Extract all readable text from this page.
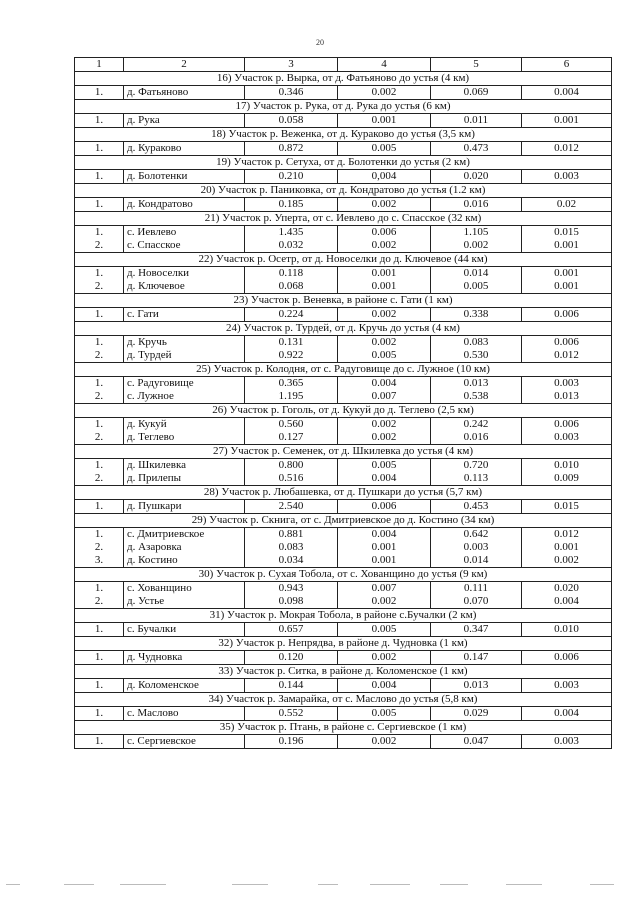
20
1	2	3	4	5	6
16) Участок р. Вырка, от д. Фатьяново до устья (4 км)					
1.	д. Фатьяново	0.346	0.002	0.069	0.004
17) Участок р. Рука, от д. Рука до устья (6 км)					
1.	д. Рука	0.058	0.001	0.011	0.001
18) Участок р. Веженка, от д. Кураково до устья (3,5 км)					
1.	д. Кураково	0.872	0.005	0.473	0.012
19) Участок р. Сетуха, от д. Болотенки до устья (2 км)					
1.	д. Болотенки	0.210	0,004	0.020	0.003
20) Участок р. Паниковка, от д. Кондратово до устья (1.2 км)					
1.	д. Кондратово	0.185	0.002	0.016	0.02
21) Участок р. Уперта, от с. Иевлево до с. Спасское (32 км)					
1.	с. Иевлево	1.435	0.006	1.105	0.015
2.	с. Спасское	0.032	0.002	0.002	0.001
22) Участок р. Осетр, от д. Новоселки до д. Ключевое (44 км)					
1.	д. Новоселки	0.118	0.001	0.014	0.001
2.	д. Ключевое	0.068	0.001	0.005	0.001
23) Участок р. Веневка, в районе с. Гати (1 км)					
1.	с. Гати	0.224	0.002	0.338	0.006
24) Участок р. Турдей, от д. Кручь до устья (4 км)					
1.	д. Кручь	0.131	0.002	0.083	0.006
2.	д. Турдей	0.922	0.005	0.530	0.012
25) Участок р. Колодня, от с. Радуговище до с. Лужное (10 км)					
1.	с. Радуговище	0.365	0.004	0.013	0.003
2.	с. Лужное	1.195	0.007	0.538	0.013
26) Участок р. Гоголь, от д. Кукуй до д. Теглево (2,5 км)					
1.	д. Кукуй	0.560	0.002	0.242	0.006
2.	д. Теглево	0.127	0.002	0.016	0.003
27) Участок р. Семенек, от д. Шкилевка до устья (4 км)					
1.	д. Шкилевка	0.800	0.005	0.720	0.010
2.	д. Прилепы	0.516	0.004	0.113	0.009
28) Участок р. Любашевка, от д. Пушкари до устья (5,7 км)					
1.	д. Пушкари	2.540	0.006	0.453	0.015
29) Участок р. Скнига, от с. Дмитриевское до д. Костино (34 км)					
1.	с. Дмитриевское	0.881	0.004	0.642	0.012
2.	д. Азаровка	0.083	0.001	0.003	0.001
3.	д. Костино	0.034	0.001	0.014	0.002
30) Участок р. Сухая Тобола, от с. Хованщино до устья (9 км)					
1.	с. Хованщино	0.943	0.007	0.111	0.020
2.	д. Устье	0.098	0.002	0.070	0.004
31) Участок р. Мокрая Тобола, в районе с.Бучалки (2 км)					
1.	с. Бучалки	0.657	0.005	0.347	0.010
32) Участок р. Непрядва, в районе д. Чудновка (1 км)					
1.	д. Чудновка	0.120	0.002	0.147	0.006
33) Участок р. Ситка, в районе д. Коломенское (1 км)					
1.	д. Коломенское	0.144	0.004	0.013	0.003
34) Участок р. Замарайка, от с. Маслово до устья (5,8 км)					
1.	с. Маслово	0.552	0.005	0.029	0.004
35) Участок р. Птань, в районе с. Сергиевское (1 км)					
1.	с. Сергиевское	0.196	0.002	0.047	0.003
